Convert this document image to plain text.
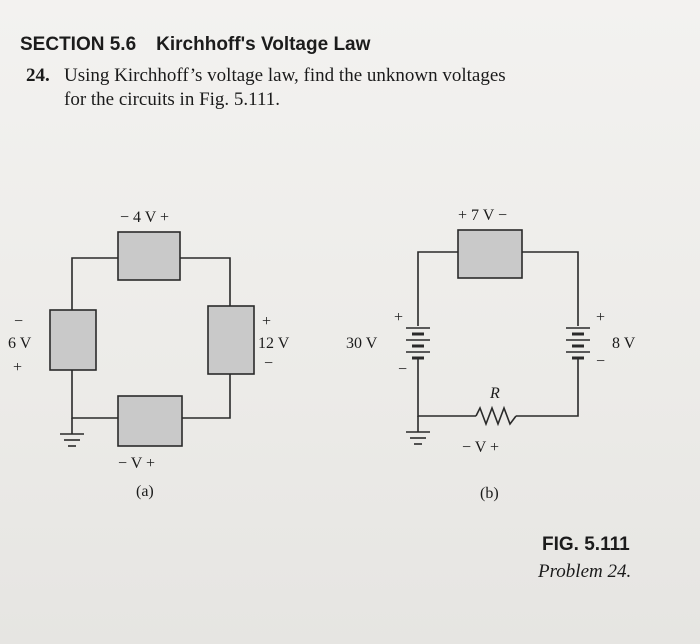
SECTION 5.6 Kirchhoff's Voltage Law
24. Using Kirchhoff’s voltage law, find the unknown voltages
for the circuits in Fig. 5.111.
− 4 V +
−
6 V
+
+
12 V
−
− V +
(a)
+ 7 V −
+
30 V
−
+
8 V
−
R
− V +
(b)
FIG. 5.111
Problem 24.
